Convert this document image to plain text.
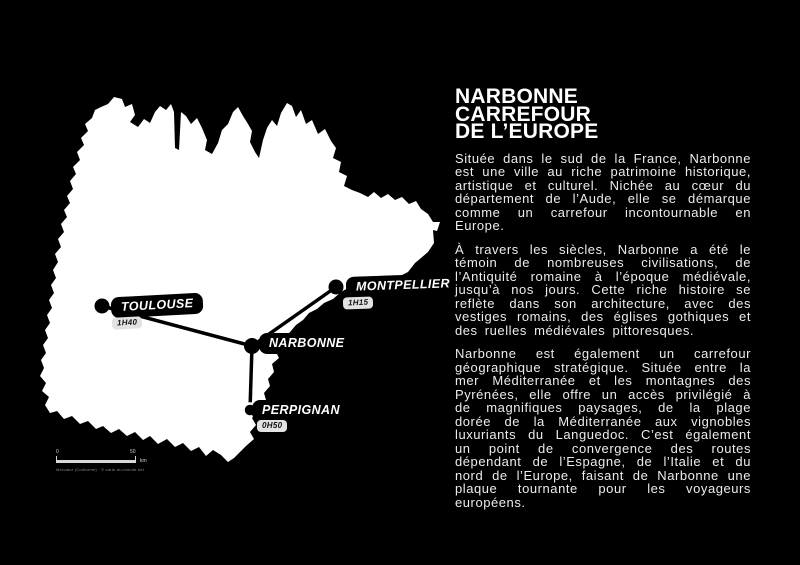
TOULOUSE
1H40
MONTPELLIER
1H15
NARBONNE
PERPIGNAN
0H50
0	50
km
Mercator (Conforme) · © carte-du-monde.net
NARBONNE CARREFOUR
DE L’EUROPE

Située dans le sud de la France, Narbonne est une ville au riche patrimoine historique, artistique et culturel. Nichée au cœur du département de l’Aude, elle se démarque comme un carrefour incontournable en Europe.

À travers les siècles, Narbonne a été le témoin de nombreuses civilisations, de l’Antiquité romaine à l’époque médiévale, jusqu’à nos jours. Cette riche histoire se reflète dans son architecture, avec des vestiges romains, des églises gothiques et des ruelles médiévales pittoresques.

Narbonne est également un carrefour géographique stratégique. Située entre la mer Méditerranée et les montagnes des Pyrénées, elle offre un accès privilégié à de magnifiques paysages, de la plage dorée de la Méditerranée aux vignobles luxuriants du Languedoc. C’est également un point de convergence des routes dépendant de l’Espagne, de l’Italie et du nord de l’Europe, faisant de Narbonne une plaque tournante pour les voyageurs européens.
